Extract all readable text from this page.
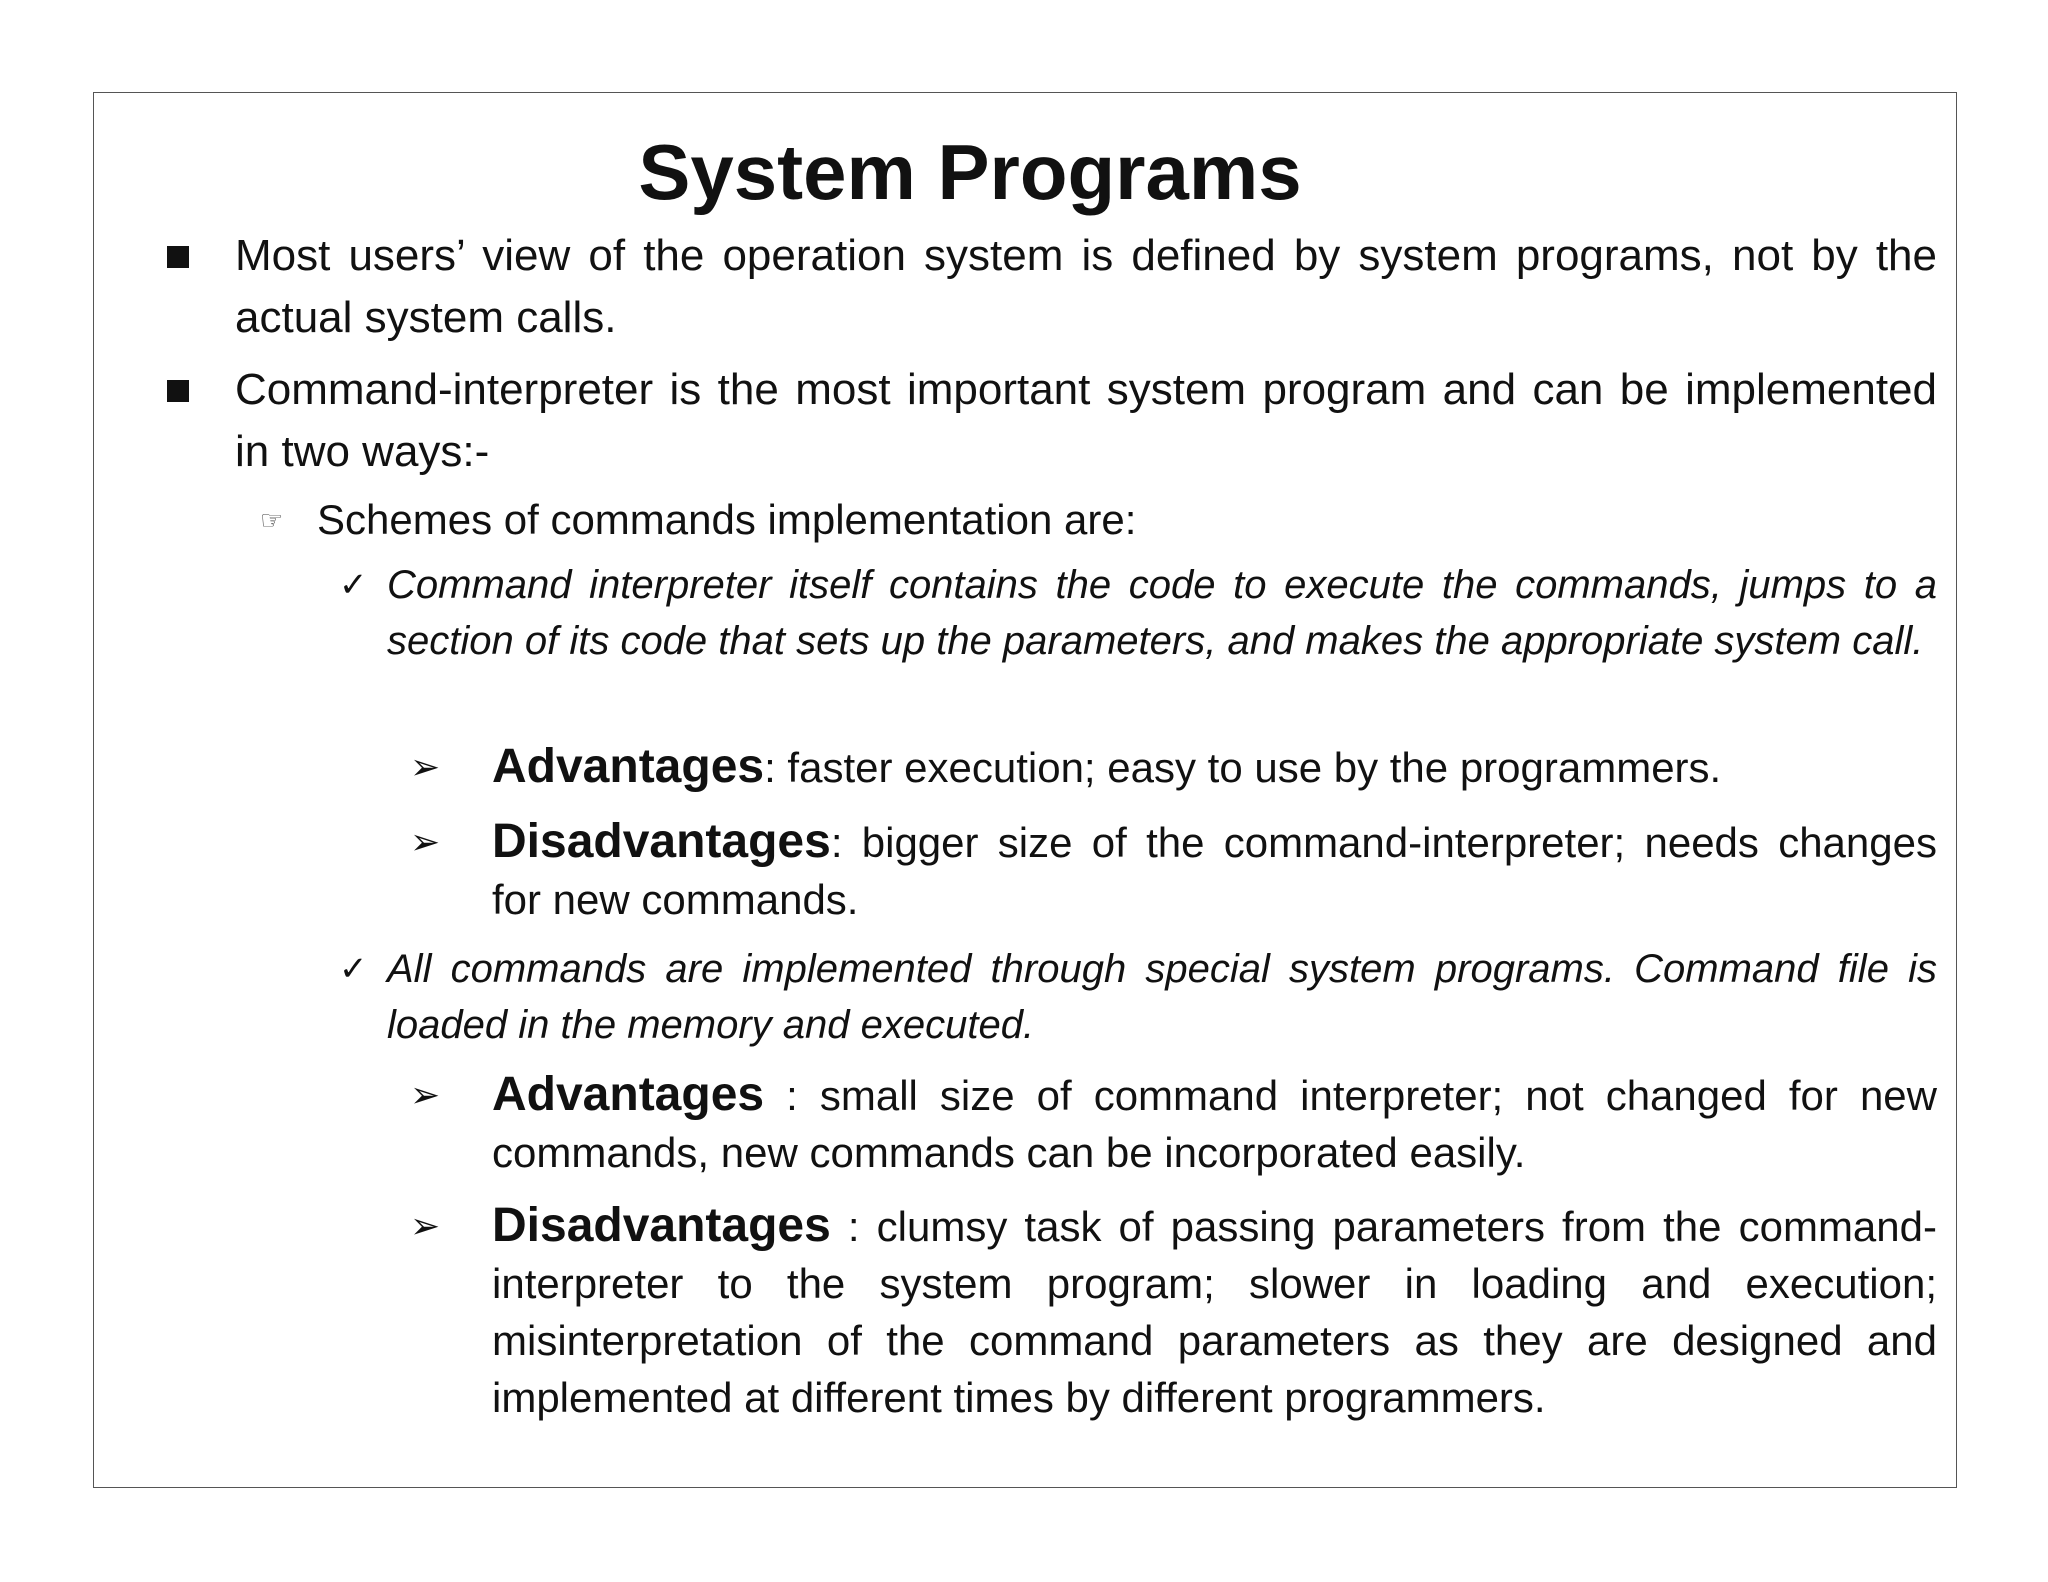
System Programs

Most users’ view of the operation system is defined by system programs, not by the actual system calls.

Command-interpreter is the most important system program and can be implemented in two ways:-

☞ Schemes of commands implementation are:

✓ Command interpreter itself contains the code to execute the commands, jumps to a section of its code that sets up the parameters, and makes the appropriate system call.

➢ Advantages: faster execution; easy to use by the programmers.

➢ Disadvantages: bigger size of the command-interpreter; needs changes for new commands.

✓ All commands are implemented through special system programs. Command file is loaded in the memory and executed.

➢ Advantages : small size of command interpreter; not changed for new commands, new commands can be incorporated easily.

➢ Disadvantages : clumsy task of passing parameters from the command-interpreter to the system program; slower in loading and execution; misinterpretation of the command parameters as they are designed and implemented at different times by different programmers.
